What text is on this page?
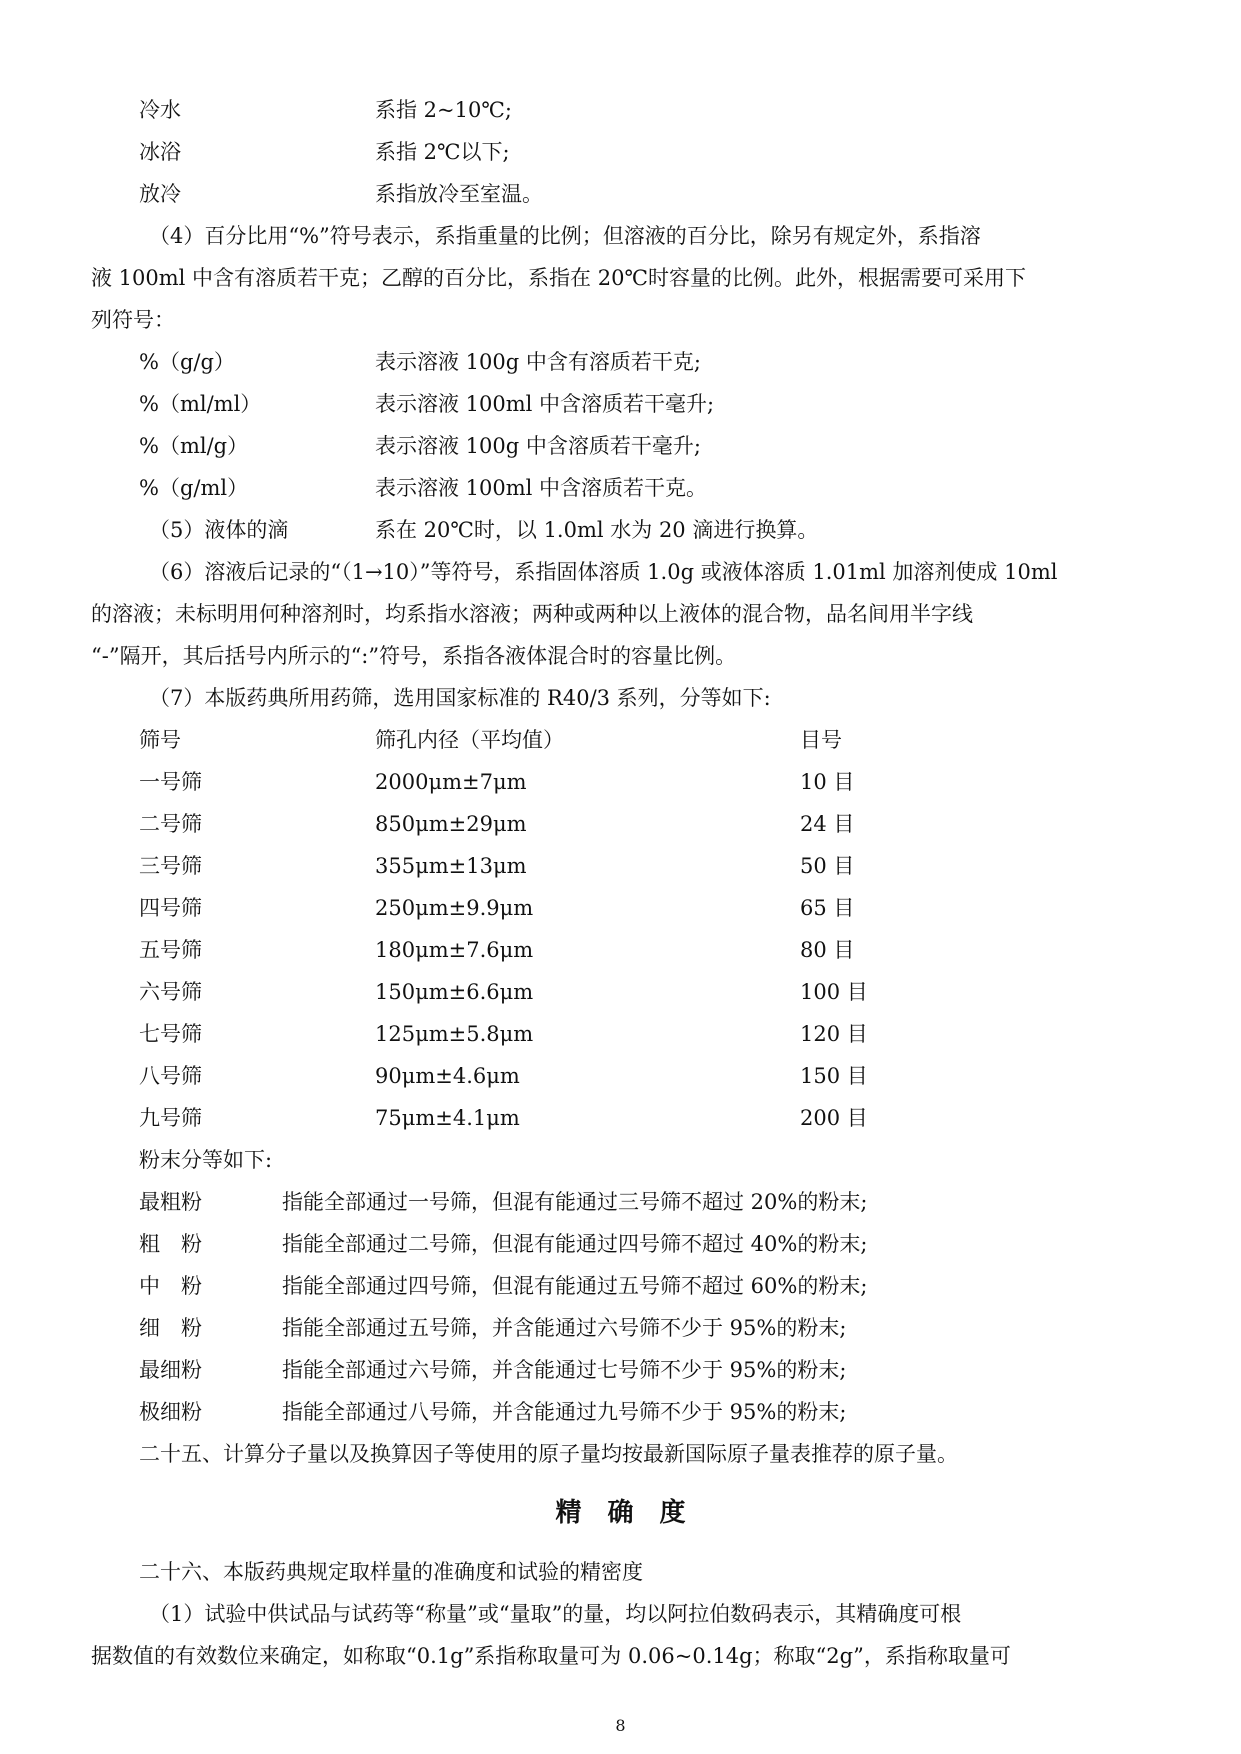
冷水	系指 2~10℃;
冰浴	系指 2℃以下;
放冷	系指放冷至室温。
（4）百分比用“%”符号表示，系指重量的比例；但溶液的百分比，除另有规定外，系指溶
液 100ml 中含有溶质若干克；乙醇的百分比，系指在 20℃时容量的比例。此外，根据需要可采用下
列符号：
%（g/g）	表示溶液 100g 中含有溶质若干克;
%（ml/ml）	表示溶液 100ml 中含溶质若干毫升;
%（ml/g）	表示溶液 100g 中含溶质若干毫升;
%（g/ml）	表示溶液 100ml 中含溶质若干克。
（5）液体的滴	系在 20℃时，以 1.0ml 水为 20 滴进行换算。
（6）溶液后记录的“（1→10）”等符号，系指固体溶质 1.0g 或液体溶质 1.01ml 加溶剂使成 10ml
的溶液；未标明用何种溶剂时，均系指水溶液；两种或两种以上液体的混合物，品名间用半字线
“-”隔开，其后括号内所示的“:”符号，系指各液体混合时的容量比例。
（7）本版药典所用药筛，选用国家标准的 R40/3 系列，分等如下:
筛号	筛孔内径（平均值）	目号
一号筛	2000μm±7μm	10 目
二号筛	850μm±29μm	24 目
三号筛	355μm±13μm	50 目
四号筛	250μm±9.9μm	65 目
五号筛	180μm±7.6μm	80 目
六号筛	150μm±6.6μm	100 目
七号筛	125μm±5.8μm	120 目
八号筛	90μm±4.6μm	150 目
九号筛	75μm±4.1μm	200 目
粉末分等如下:
最粗粉	指能全部通过一号筛，但混有能通过三号筛不超过 20%的粉末;
粗　粉	指能全部通过二号筛，但混有能通过四号筛不超过 40%的粉末;
中　粉	指能全部通过四号筛，但混有能通过五号筛不超过 60%的粉末;
细　粉	指能全部通过五号筛，并含能通过六号筛不少于 95%的粉末;
最细粉	指能全部通过六号筛，并含能通过七号筛不少于 95%的粉末;
极细粉	指能全部通过八号筛，并含能通过九号筛不少于 95%的粉末;
二十五、计算分子量以及换算因子等使用的原子量均按最新国际原子量表推荐的原子量。
精　确　度
二十六、本版药典规定取样量的准确度和试验的精密度
（1）试验中供试品与试药等“称量”或“量取”的量，均以阿拉伯数码表示，其精确度可根
据数值的有效数位来确定，如称取“0.1g”系指称取量可为 0.06~0.14g；称取“2g”，系指称取量可
8
